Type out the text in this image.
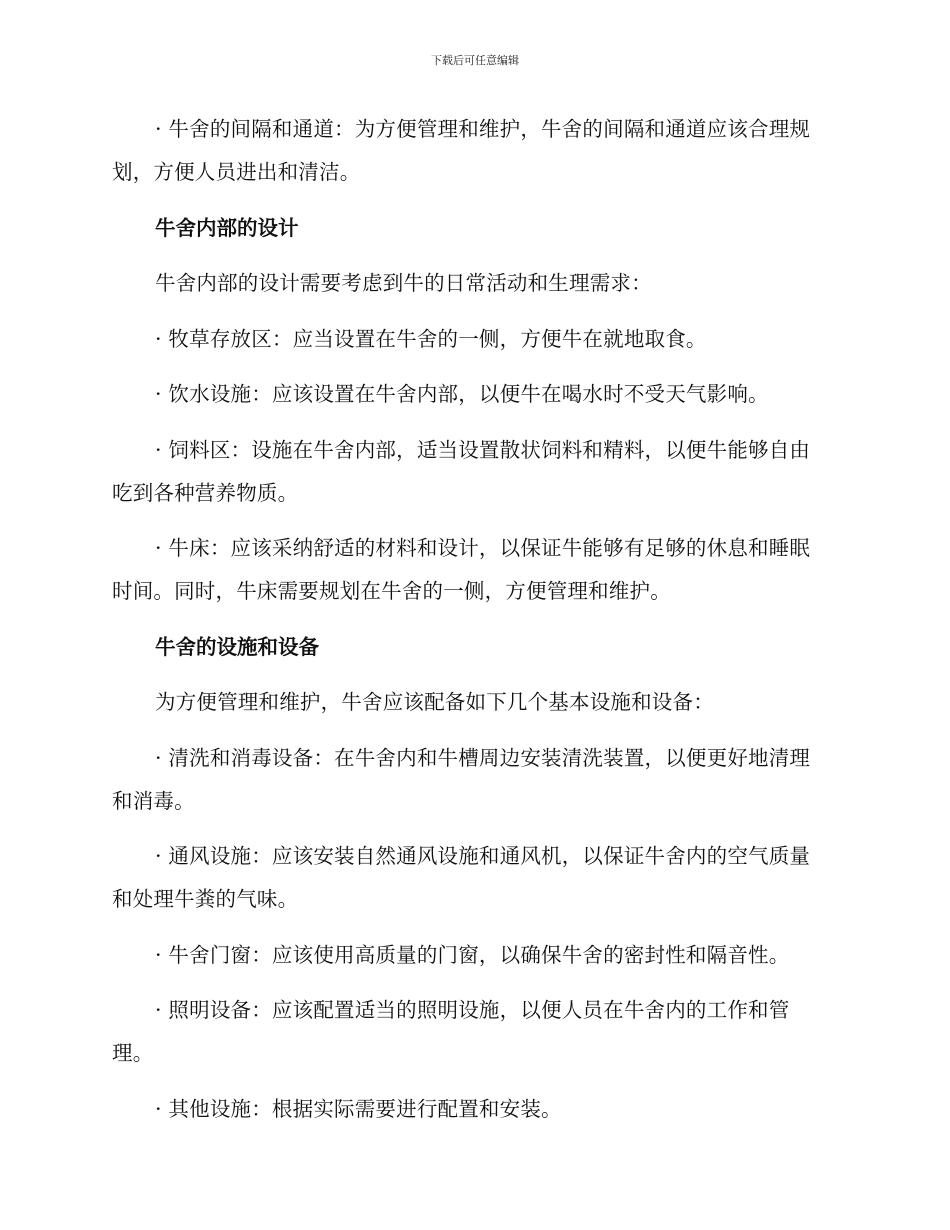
下载后可任意编辑

· 牛舍的间隔和通道：为方便管理和维护，牛舍的间隔和通道应该合理规划，方便人员进出和清洁。

牛舍内部的设计

牛舍内部的设计需要考虑到牛的日常活动和生理需求：

· 牧草存放区：应当设置在牛舍的一侧，方便牛在就地取食。

· 饮水设施：应该设置在牛舍内部，以便牛在喝水时不受天气影响。

· 饲料区：设施在牛舍内部，适当设置散状饲料和精料，以便牛能够自由吃到各种营养物质。

· 牛床：应该采纳舒适的材料和设计，以保证牛能够有足够的休息和睡眠时间。同时，牛床需要规划在牛舍的一侧，方便管理和维护。

牛舍的设施和设备

为方便管理和维护，牛舍应该配备如下几个基本设施和设备：

· 清洗和消毒设备：在牛舍内和牛槽周边安装清洗装置，以便更好地清理和消毒。

· 通风设施：应该安装自然通风设施和通风机，以保证牛舍内的空气质量和处理牛粪的气味。

· 牛舍门窗：应该使用高质量的门窗，以确保牛舍的密封性和隔音性。

· 照明设备：应该配置适当的照明设施，以便人员在牛舍内的工作和管理。

· 其他设施：根据实际需要进行配置和安装。
